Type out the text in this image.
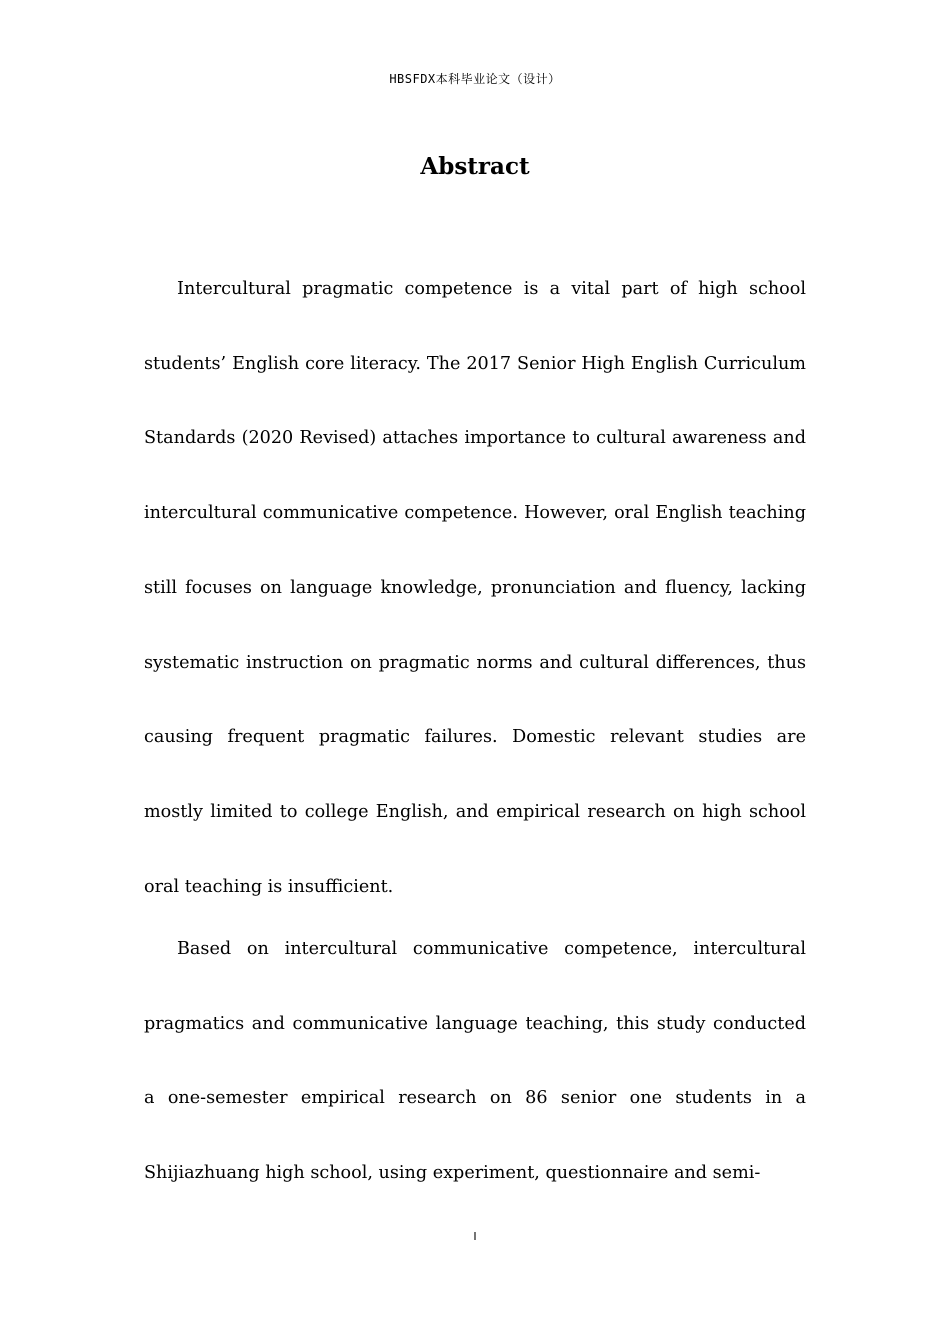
HBSFDX本科毕业论文（设计）
Abstract

Intercultural pragmatic competence is a vital part of high school students’ English core literacy. The 2017 Senior High English Curriculum Standards (2020 Revised) attaches importance to cultural awareness and intercultural communicative competence. However, oral English teaching still focuses on language knowledge, pronunciation and fluency, lacking systematic instruction on pragmatic norms and cultural differences, thus causing frequent pragmatic failures. Domestic relevant studies are mostly limited to college English, and empirical research on high school oral teaching is insufficient.

Based on intercultural communicative competence, intercultural pragmatics and communicative language teaching, this study conducted a one-semester empirical research on 86 senior one students in a Shijiazhuang high school, using experiment, questionnaire and semi-

I
